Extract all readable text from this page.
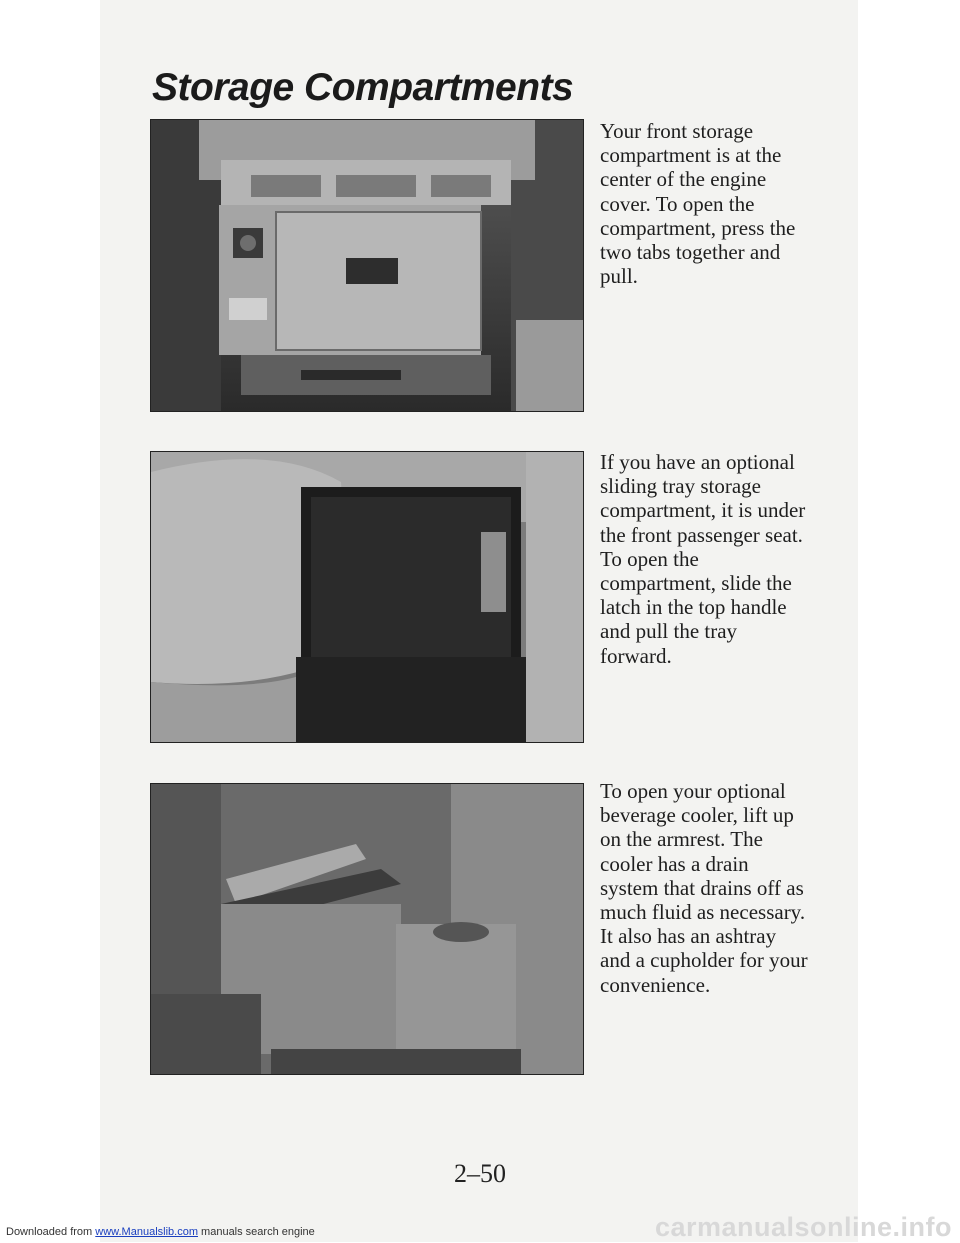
Storage Compartments

Your front storage compartment is at the center of the engine cover. To open the compartment, press the two tabs together and pull.

If you have an optional sliding tray storage compartment, it is under the front passenger seat. To open the compartment, slide the latch in the top handle and pull the tray forward.

To open your optional beverage cooler, lift up on the armrest. The cooler has a drain system that drains off as much fluid as necessary. It also has an ashtray and a cupholder for your convenience.

2–50

Downloaded from www.Manualslib.com manuals search engine	carmanualsonline.info
